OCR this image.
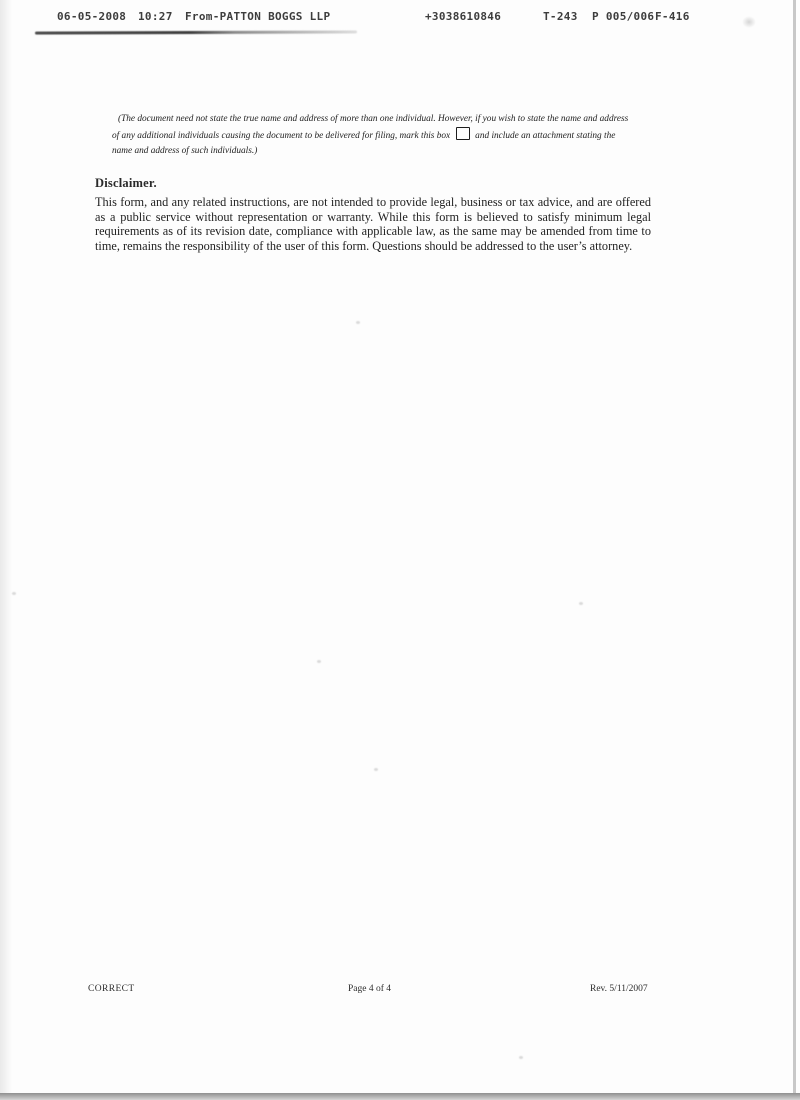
06-05-2008 10:27 From-PATTON BOGGS LLP	+3038610846	T-243 P 005/006 F-416
(The document need not state the true name and address of more than one individual. However, if you wish to state the name and address
of any additional individuals causing the document to be delivered for filing, mark this box	and include an attachment stating the
name and address of such individuals.)
Disclaimer.
This form, and any related instructions, are not intended to provide legal, business or tax advice, and are offered as a public service without representation or warranty. While this form is believed to satisfy minimum legal requirements as of its revision date, compliance with applicable law, as the same may be amended from time to time, remains the responsibility of the user of this form. Questions should be addressed to the user’s attorney.
CORRECT	Page 4 of 4	Rev. 5/11/2007
